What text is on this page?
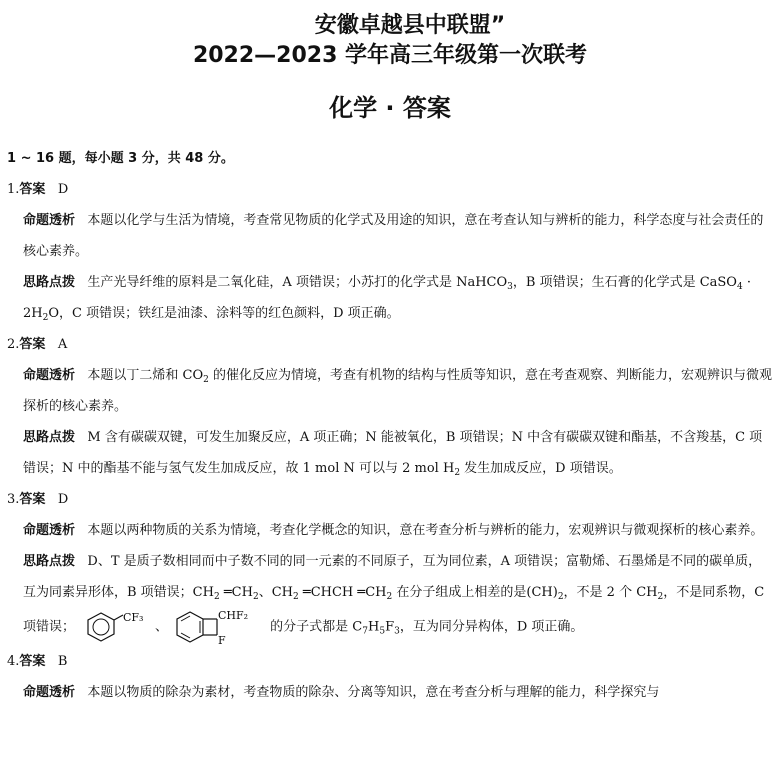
安徽卓越县中联盟”
2022—2023 学年高三年级第一次联考
化学 · 答案
1 ~ 16 题，每小题 3 分，共 48 分。
1.答案 D
命题透析 本题以化学与生活为情境，考查常见物质的化学式及用途的知识，意在考查认知与辨析的能力，科学态度与社会责任的核心素养。
思路点拨 生产光导纤维的原料是二氧化硅，A 项错误；小苏打的化学式是 NaHCO$_3$，B 项错误；生石膏的化学式是 CaSO$_4$ · $2H_2O$，C 项错误；铁红是油漆、涂料等的红色颜料，D 项正确。
2.答案 A
命题透析 本题以丁二烯和 $CO_2$ 的催化反应为情境，考查有机物的结构与性质等知识，意在考查观察、判断能力，宏观辨识与微观探析的核心素养。
思路点拨 M 含有碳碳双键，可发生加聚反应，A 项正确；N 能被氧化，B 项错误；N 中含有碳碳双键和酯基，不含羧基，C 项错误；N 中的酯基不能与氢气发生加成反应，故 1 mol N 可以与 2 mol $H_2$ 发生加成反应，D 项错误。
3.答案 D
命题透析 本题以两种物质的关系为情境，考查化学概念的知识，意在考查分析与辨析的能力，宏观辨识与微观探析的核心素养。
思路点拨 D、T 是质子数相同而中子数不同的同一元素的不同原子，互为同位素，A 项错误；富勒烯、石墨烯是不同的碳单质，互为同素异形体，B 项错误；$CH_2$ $═CH_2$、$CH_2$ ═CHCH $═CH_2$ 在分子组成上相差的是$(CH)_2$，不是 2 个 $CH_2$，不是同系物，C 项错误；
CF₃
、
CHF₂
F
的分子式都是 $C_7H_5F_3$，互为同分异构体，D 项正确。
4.答案 B
命题透析 本题以物质的除杂为素材，考查物质的除杂、分离等知识，意在考查分析与理解的能力，科学探究与
